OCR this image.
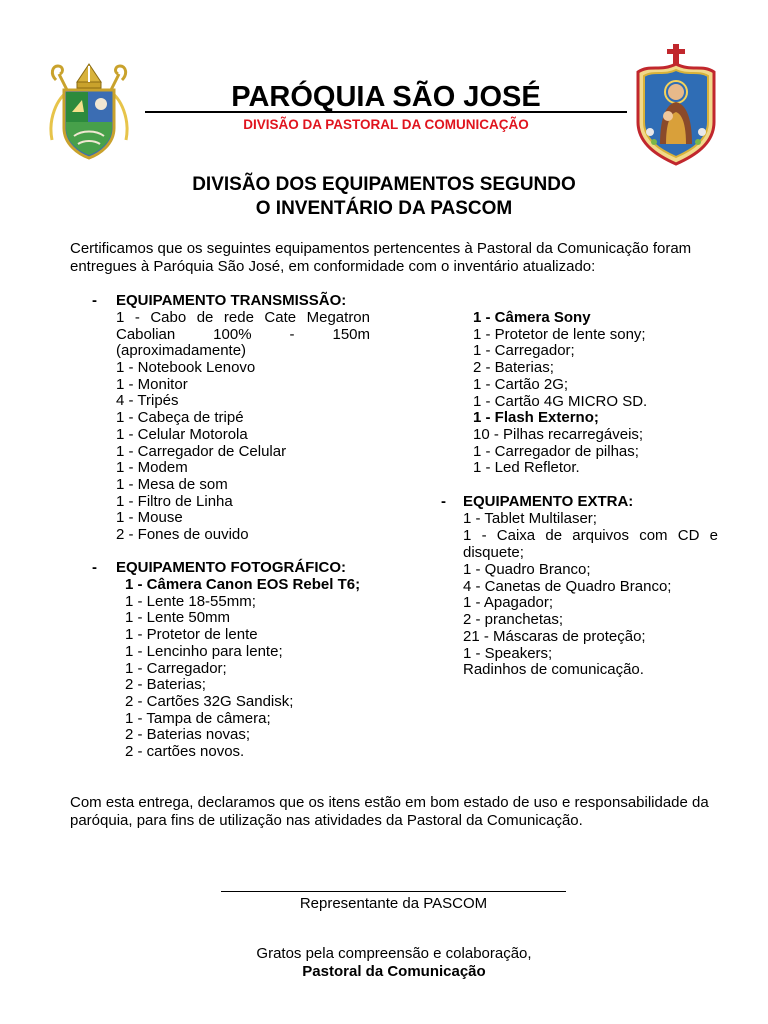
PARÓQUIA SÃO JOSÉ
DIVISÃO DA PASTORAL DA COMUNICAÇÃO
DIVISÃO DOS EQUIPAMENTOS SEGUNDO
O INVENTÁRIO DA PASCOM
Certificamos que os seguintes equipamentos pertencentes à Pastoral da Comunicação foram entregues à Paróquia São José, em conformidade com o inventário atualizado:
- EQUIPAMENTO TRANSMISSÃO:
1 - Cabo de rede Cate Megatron
Cabolian 100% - 150m
(aproximadamente)
1 - Notebook Lenovo
1 - Monitor
4 - Tripés
1 - Cabeça de tripé
1 - Celular Motorola
1 - Carregador de Celular
1 - Modem
1 - Mesa de som
1 - Filtro de Linha
1 - Mouse
2 - Fones de ouvido
- EQUIPAMENTO FOTOGRÁFICO:
1 - Câmera Canon EOS Rebel T6;
1 - Lente 18-55mm;
1 - Lente 50mm
1 - Protetor de lente
1 - Lencinho para lente;
1 - Carregador;
2 - Baterias;
2 - Cartões 32G Sandisk;
1 - Tampa de câmera;
2 - Baterias novas;
2 - cartões novos.
1 - Câmera Sony
1 - Protetor de lente sony;
1 - Carregador;
2 - Baterias;
1 - Cartão 2G;
1 - Cartão 4G MICRO SD.
1 - Flash Externo;
10 - Pilhas recarregáveis;
1 - Carregador de pilhas;
1 - Led Refletor.
- EQUIPAMENTO EXTRA:
1 - Tablet Multilaser;
1 - Caixa de arquivos com CD e
disquete;
1 - Quadro Branco;
4 - Canetas de Quadro Branco;
1 - Apagador;
2 - pranchetas;
21 - Máscaras de proteção;
1 - Speakers;
Radinhos de comunicação.
Com esta entrega, declaramos que os itens estão em bom estado de uso e responsabilidade da paróquia, para fins de utilização nas atividades da Pastoral da Comunicação.
Representante da PASCOM
Gratos pela compreensão e colaboração,
Pastoral da Comunicação
